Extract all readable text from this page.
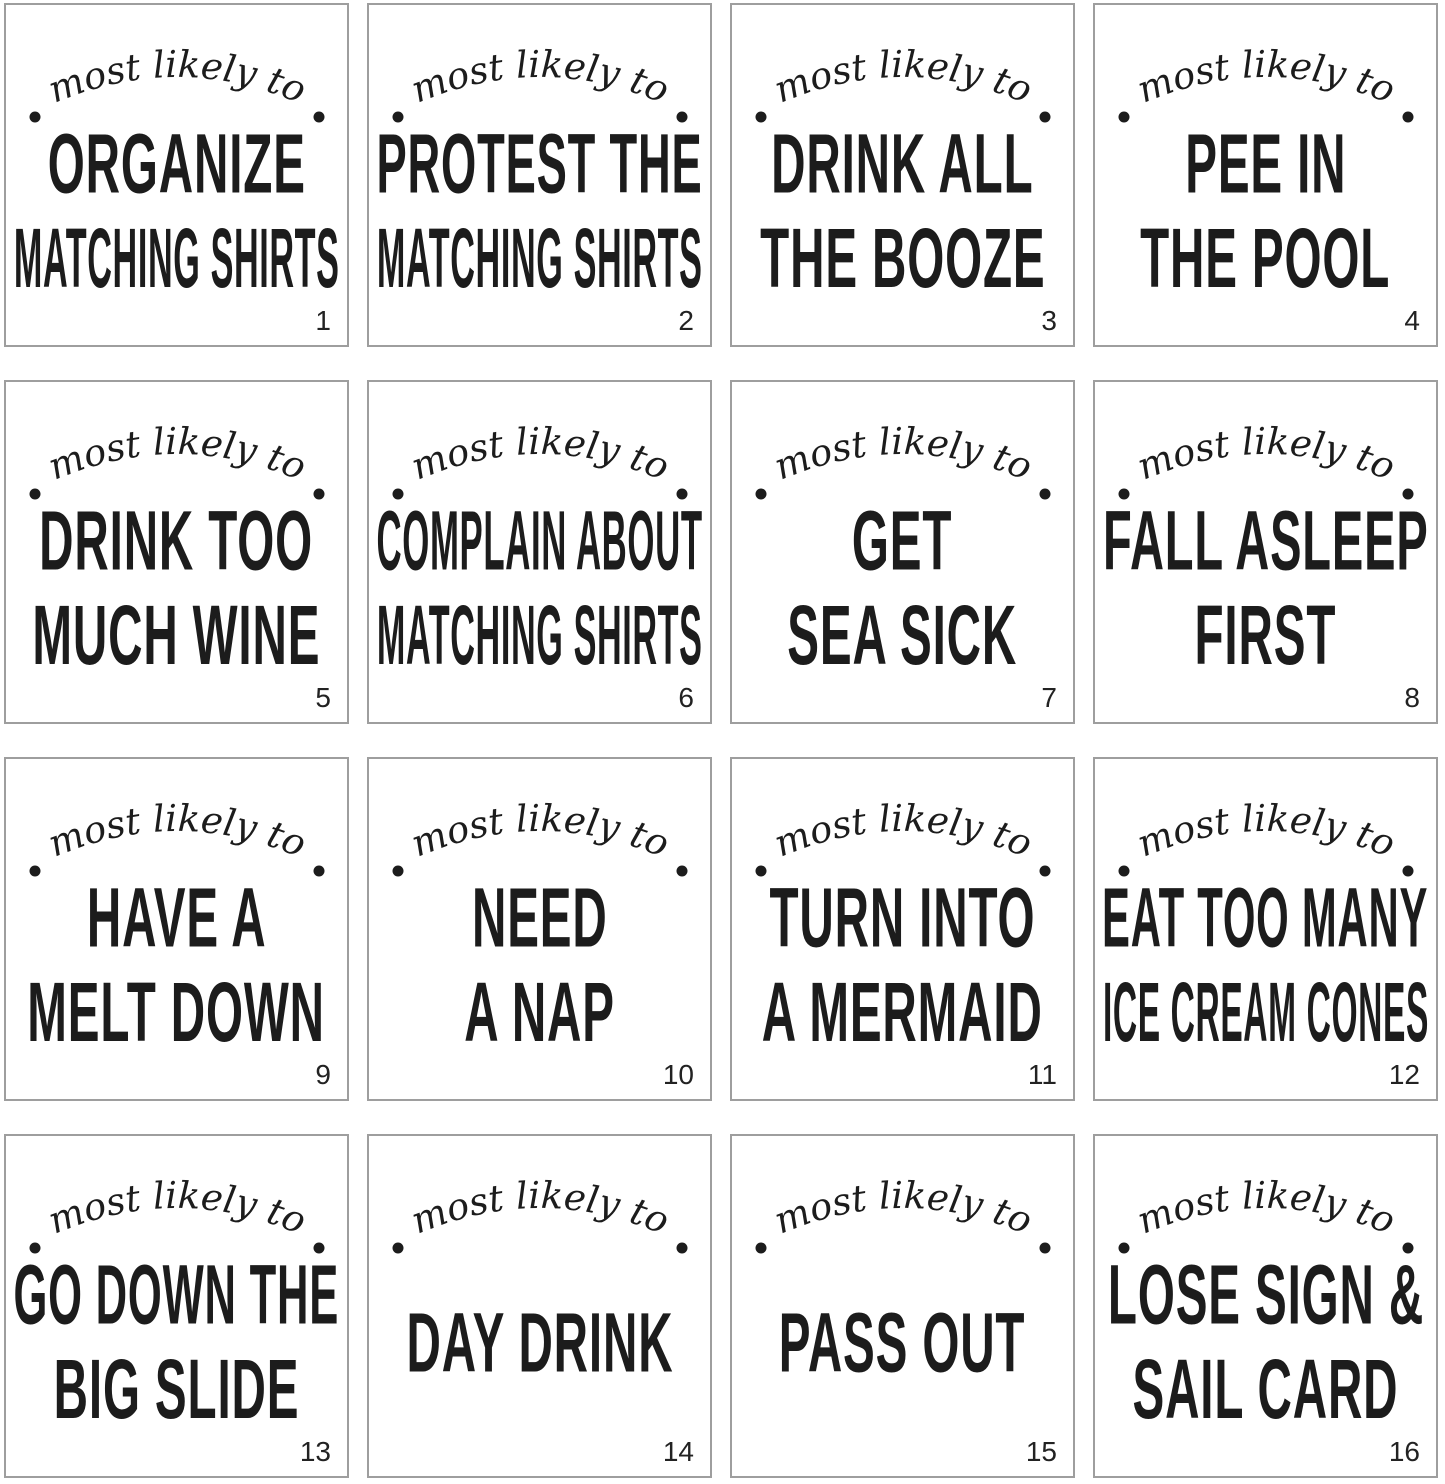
most likely to
ORGANIZE
MATCHING SHIRTS
1
most likely to
PROTEST THE
MATCHING SHIRTS
2
most likely to
DRINK ALL
THE BOOZE
3
most likely to
PEE IN
THE POOL
4
most likely to
DRINK TOO
MUCH WINE
5
most likely to
COMPLAIN ABOUT
MATCHING SHIRTS
6
most likely to
GET
SEA SICK
7
most likely to
FALL ASLEEP
FIRST
8
most likely to
HAVE A
MELT DOWN
9
most likely to
NEED
A NAP
10
most likely to
TURN INTO
A MERMAID
11
most likely to
EAT TOO MANY
ICE CREAM CONES
12
most likely to
GO DOWN THE
BIG SLIDE
13
most likely to
DAY DRINK
14
most likely to
PASS OUT
15
most likely to
LOSE SIGN &
SAIL CARD
16
